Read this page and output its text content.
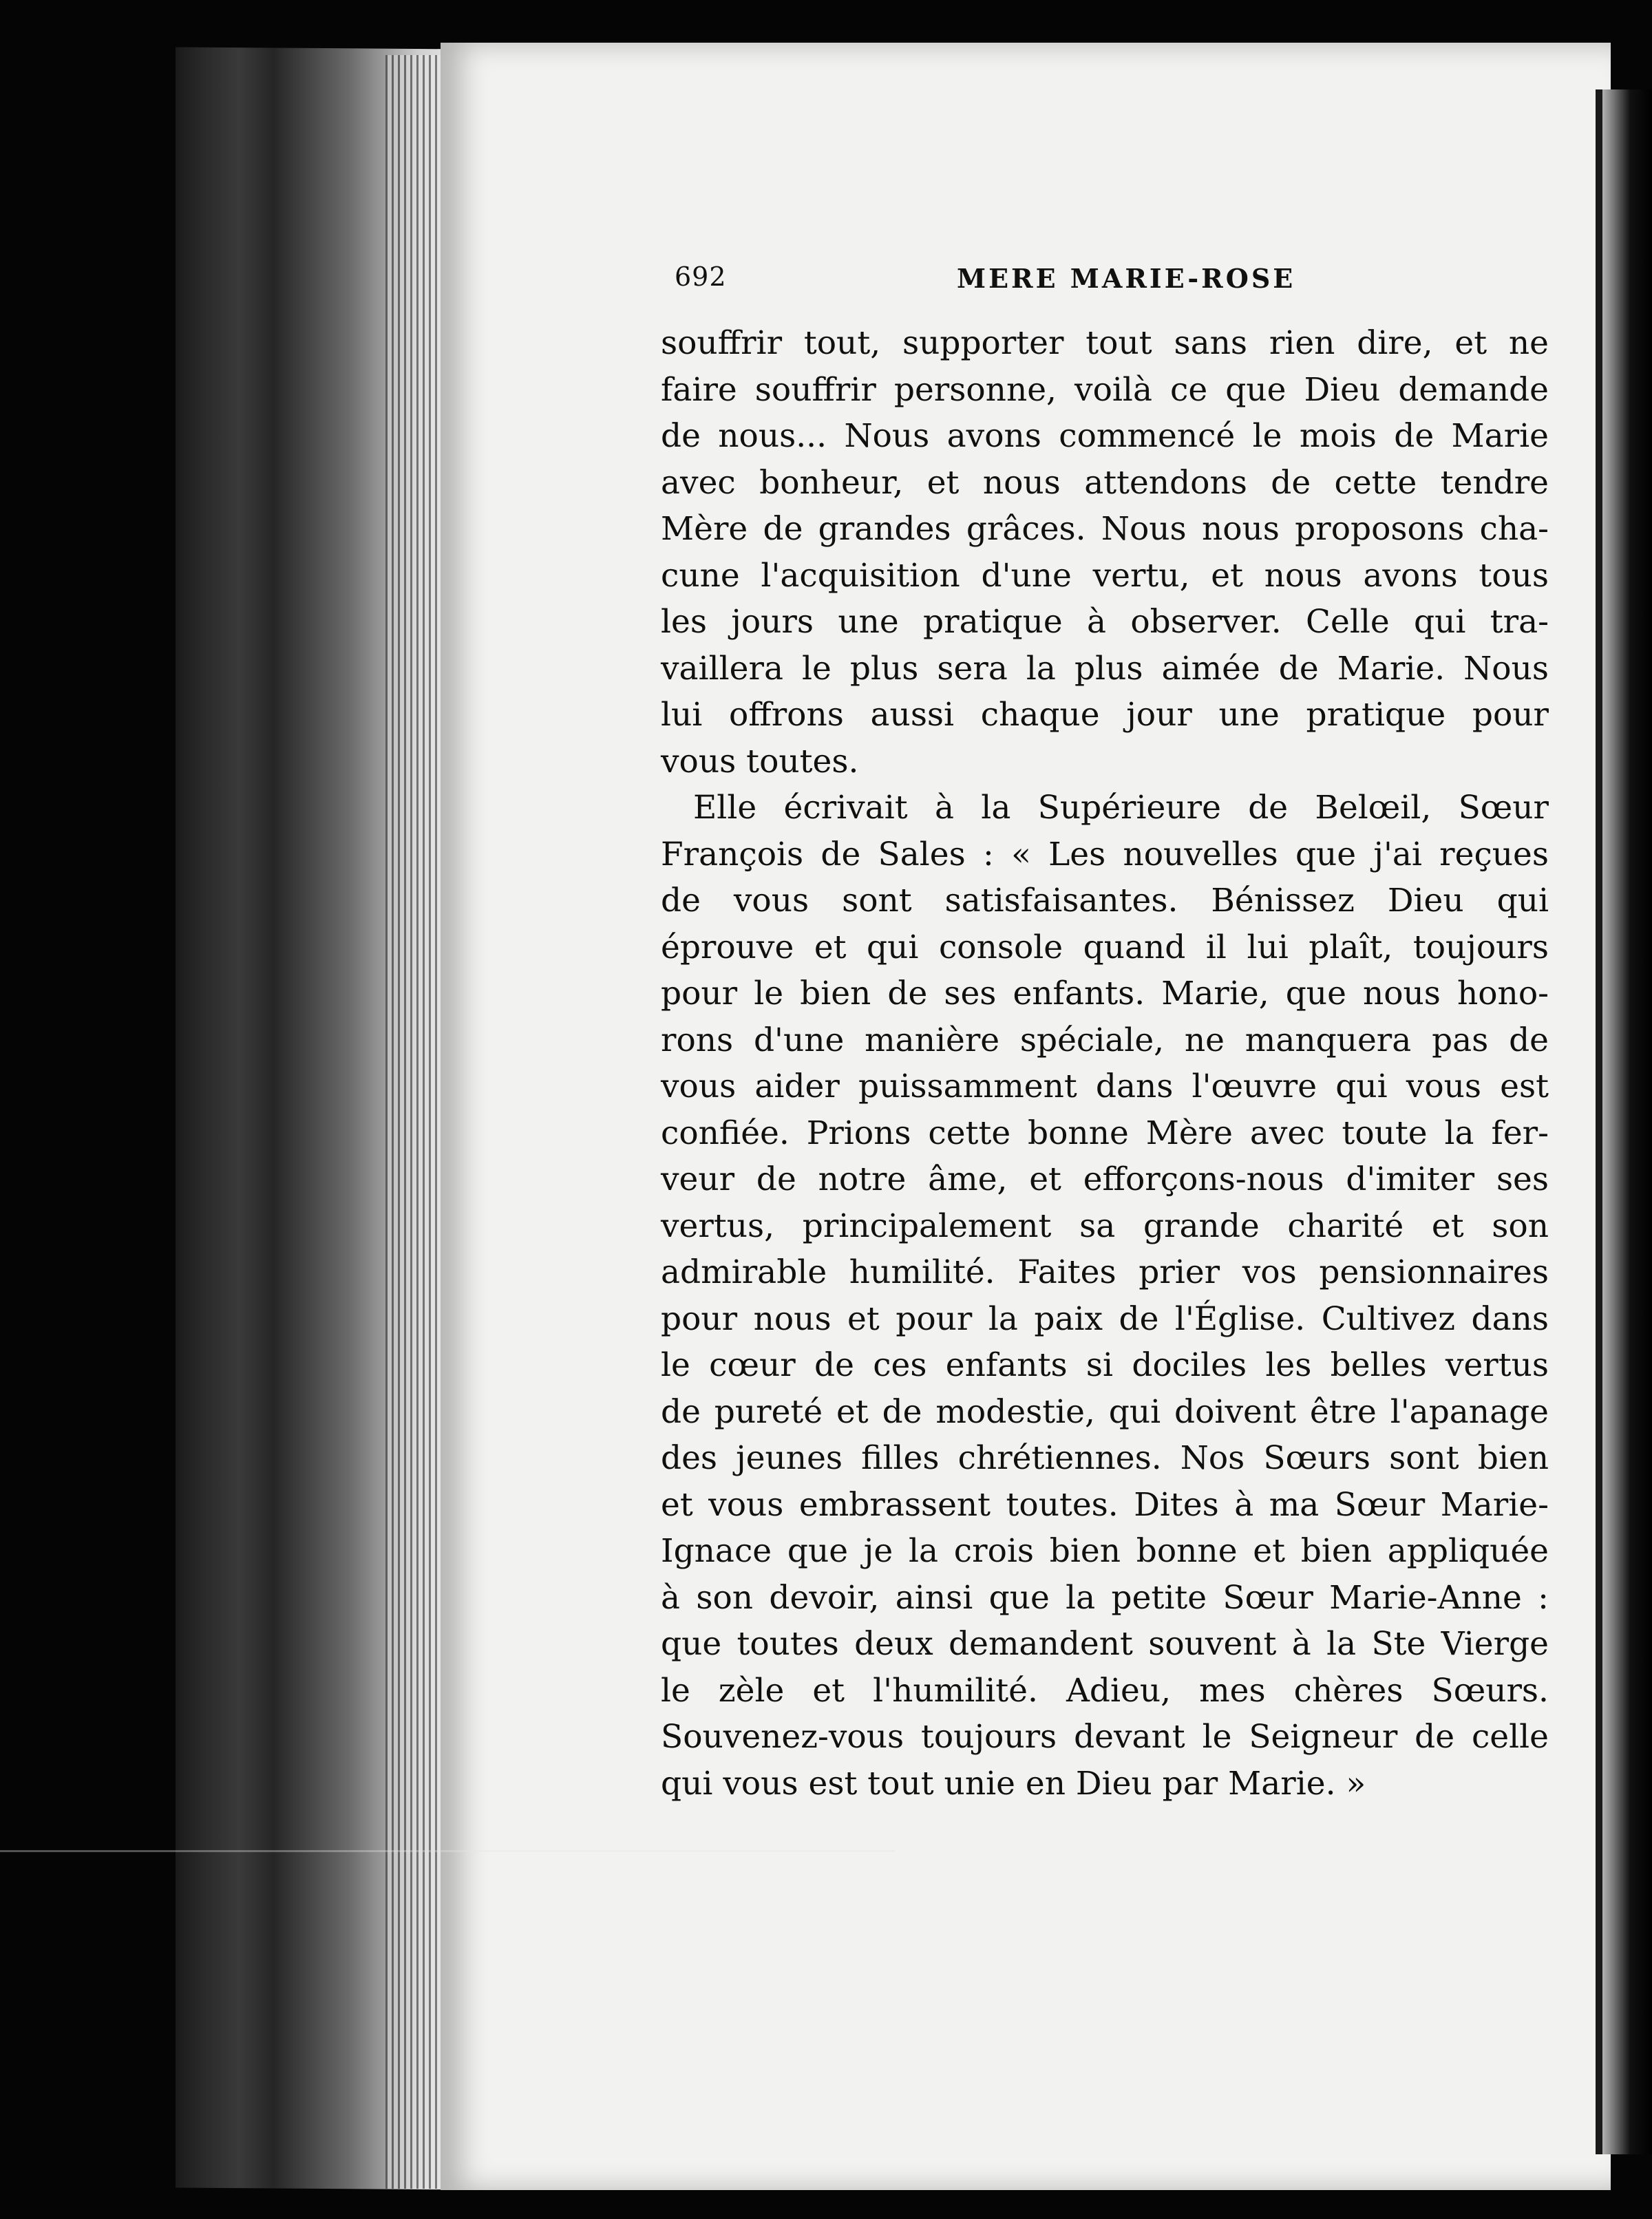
692	MERE MARIE-ROSE
souffrir tout, supporter tout sans rien dire, et ne
faire souffrir personne, voilà ce que Dieu demande
de nous... Nous avons commencé le mois de Marie
avec bonheur, et nous attendons de cette tendre
Mère de grandes grâces. Nous nous proposons cha-
cune l'acquisition d'une vertu, et nous avons tous
les jours une pratique à observer. Celle qui tra-
vaillera le plus sera la plus aimée de Marie. Nous
lui offrons aussi chaque jour une pratique pour
vous toutes.
 Elle écrivait à la Supérieure de Belœil, Sœur
François de Sales : « Les nouvelles que j'ai reçues
de vous sont satisfaisantes. Bénissez Dieu qui
éprouve et qui console quand il lui plaît, toujours
pour le bien de ses enfants. Marie, que nous hono-
rons d'une manière spéciale, ne manquera pas de
vous aider puissamment dans l'œuvre qui vous est
confiée. Prions cette bonne Mère avec toute la fer-
veur de notre âme, et efforçons-nous d'imiter ses
vertus, principalement sa grande charité et son
admirable humilité. Faites prier vos pensionnaires
pour nous et pour la paix de l'Église. Cultivez dans
le cœur de ces enfants si dociles les belles vertus
de pureté et de modestie, qui doivent être l'apanage
des jeunes filles chrétiennes. Nos Sœurs sont bien
et vous embrassent toutes. Dites à ma Sœur Marie-
Ignace que je la crois bien bonne et bien appliquée
à son devoir, ainsi que la petite Sœur Marie-Anne :
que toutes deux demandent souvent à la Ste Vierge
le zèle et l'humilité. Adieu, mes chères Sœurs.
Souvenez-vous toujours devant le Seigneur de celle
qui vous est tout unie en Dieu par Marie. »
